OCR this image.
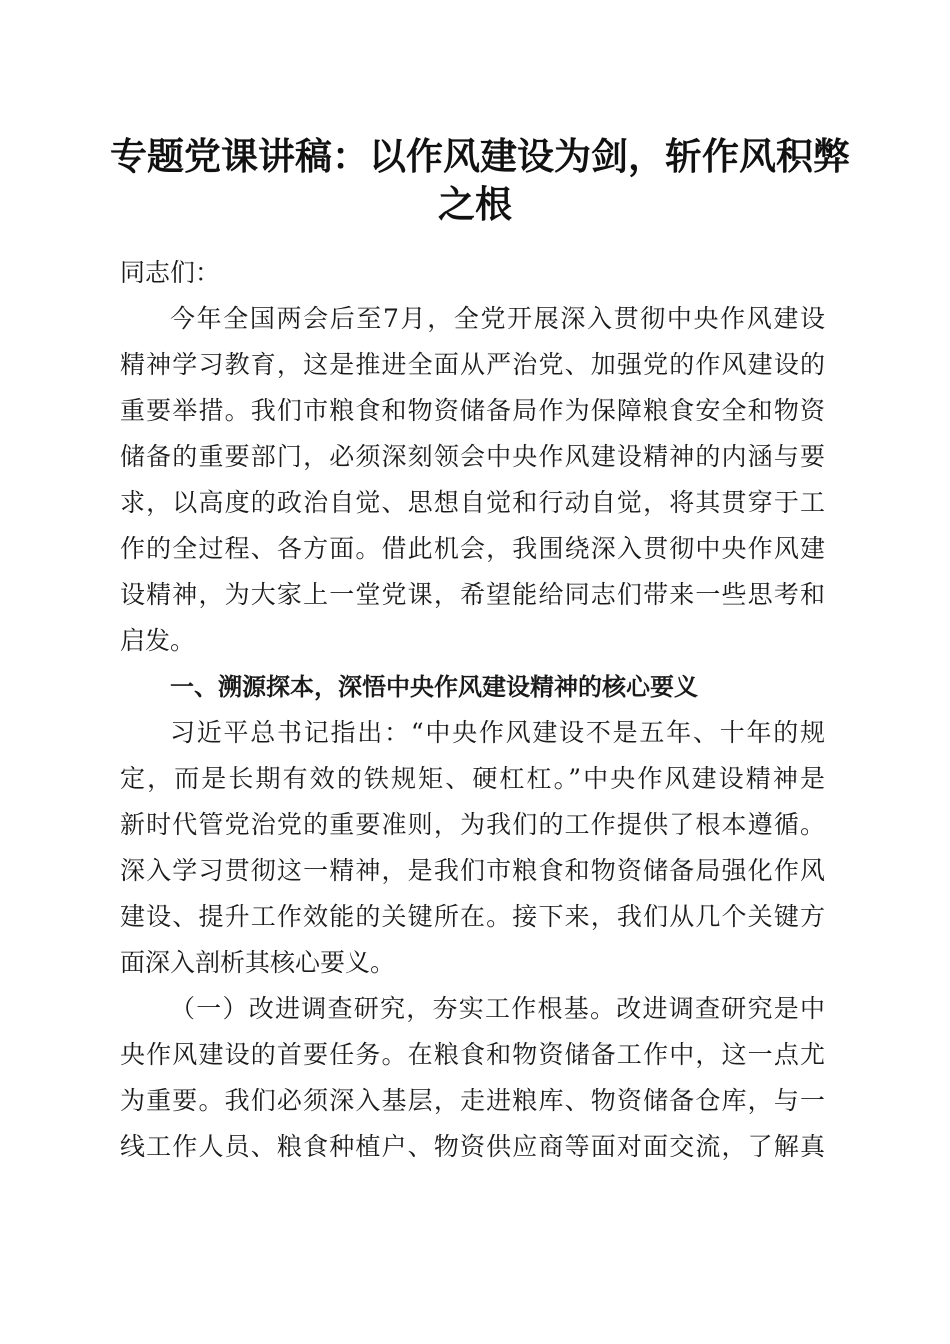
专题党课讲稿：以作风建设为剑，斩作风积弊
之根
同志们：
今年全国两会后至7月，全党开展深入贯彻中央作风建设
精神学习教育，这是推进全面从严治党、加强党的作风建设的
重要举措。我们市粮食和物资储备局作为保障粮食安全和物资
储备的重要部门，必须深刻领会中央作风建设精神的内涵与要
求，以高度的政治自觉、思想自觉和行动自觉，将其贯穿于工
作的全过程、各方面。借此机会，我围绕深入贯彻中央作风建
设精神，为大家上一堂党课，希望能给同志们带来一些思考和
启发。
一、溯源探本，深悟中央作风建设精神的核心要义
习近平总书记指出：“中央作风建设不是五年、十年的规
定，而是长期有效的铁规矩、硬杠杠。”中央作风建设精神是
新时代管党治党的重要准则，为我们的工作提供了根本遵循。
深入学习贯彻这一精神，是我们市粮食和物资储备局强化作风
建设、提升工作效能的关键所在。接下来，我们从几个关键方
面深入剖析其核心要义。
（一）改进调查研究，夯实工作根基。改进调查研究是中
央作风建设的首要任务。在粮食和物资储备工作中，这一点尤
为重要。我们必须深入基层，走进粮库、物资储备仓库，与一
线工作人员、粮食种植户、物资供应商等面对面交流，了解真
